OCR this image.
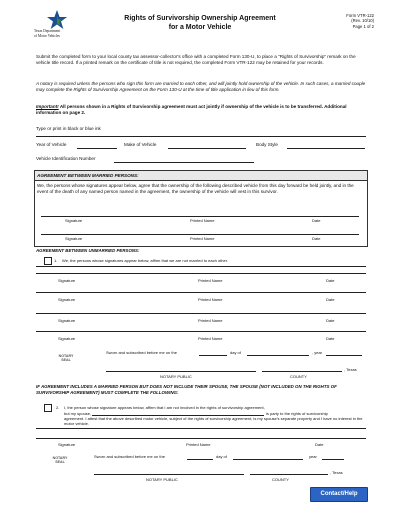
Texas Department
of Motor Vehicles
Rights of Survivorship Ownership Agreement
for a Motor Vehicle
Form VTR-122
(Rev. 10/10)
Page 1 of 2
Submit the completed form to your local county tax assessor-collector's office with a completed Form 130-U, to place a "Rights of Survivorship" remark on the vehicle title record. If a printed remark on the certificate of title is not required, the completed Form VTR-122 may be retained for your records.
A notary is required unless the persons who sign this form are married to each other, and will jointly hold ownership of the vehicle. In such cases, a married couple may complete the Rights of Survivorship Agreement on the Form 130-U at the time of title application in lieu of this form.
Important! All persons shown in a Rights of Survivorship agreement must act jointly if ownership of the vehicle is to be transferred. Additional information on page 2.
Type or print in black or blue ink
Year of Vehicle	Make of Vehicle	Body Style
Vehicle Identification Number
AGREEMENT BETWEEN MARRIED PERSONS:
We, the persons whose signatures appear below, agree that the ownership of the following described vehicle from this day forward be held jointly, and in the event of the death of any named person named in the agreement, the ownership of the vehicle will vest in this survivor.
Signature	Printed Name	Date
Signature	Printed Name	Date
AGREEMENT BETWEEN UNMARRIED PERSONS:
1. We, the persons whose signatures appear below, affirm that we are not married to each other.
Signature	Printed Name	Date
Signature	Printed Name	Date
Signature	Printed Name	Date
Signature	Printed Name	Date
NOTARY
SEAL
Sworn and subscribed before me on the	day of	, year
, Texas
NOTARY PUBLIC	COUNTY
IF AGREEMENT INCLUDES A MARRIED PERSON BUT DOES NOT INCLUDE THEIR SPOUSE, THE SPOUSE (NOT INCLUDED ON THE RIGHTS OF SURVIVORSHIP AGREEMENT) MUST COMPLETE THE FOLLOWING:
2. I, the person whose signature appears below, affirm that I am not involved in the rights of survivorship agreement,
but my spouse,	is party to the rights of survivorship
agreement. I attest that the above described motor vehicle, subject of the rights of survivorship agreement, is my spouse's separate property and I have no interest in the motor vehicle.
Signature	Printed Name	Date
NOTARY
SEAL
Sworn and subscribed before me on the	day of	year
, Texas
NOTARY PUBLIC	COUNTY
Contact/Help
